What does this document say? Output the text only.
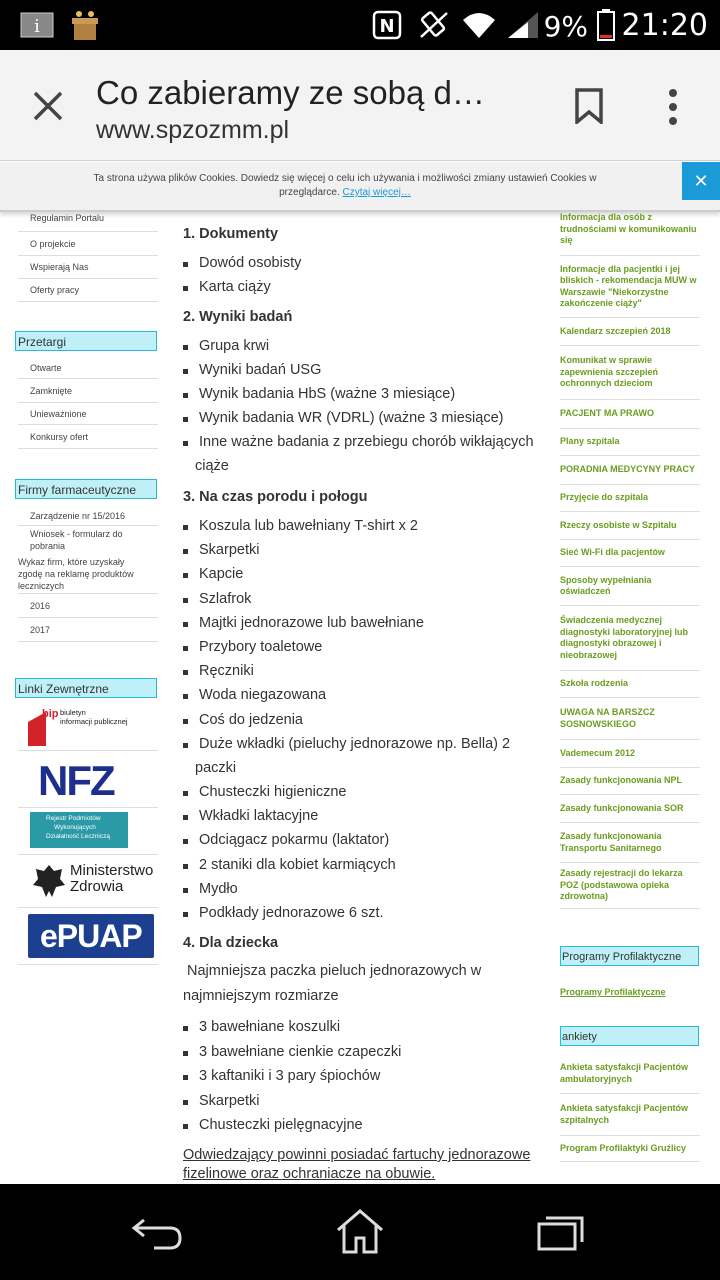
i	N	9% 21:20
Co zabieramy ze sobą d…
www.spzozmm.pl
Ta strona używa plików Cookies. Dowiedz się więcej o celu ich używania i możliwości zmiany ustawień Cookies w przeglądarce. Czytaj więcej…
✕
Regulamin Portalu
O projekcie
Wspierają Nas
Oferty pracy
Przetargi
Otwarte
Zamknięte
Unieważnione
Konkursy ofert
Firmy farmaceutyczne
Zarządzenie nr 15/2016
Wniosek - formularz do pobrania
Wykaz firm, które uzyskały zgodę na reklamę produktów leczniczych
2016
2017
Linki Zewnętrzne
bip biuletyn
informacji publicznej
NFZ
Rejestr Podmiotów
Wykonujących
Działalność Leczniczą
Ministerstwo
Zdrowia
ePUAP
1. Dokumenty
Dowód osobisty
Karta ciąży
2. Wyniki badań
Grupa krwi
Wyniki badań USG
Wynik badania HbS (ważne 3 miesiące)
Wynik badania WR (VDRL) (ważne 3 miesiące)
Inne ważne badania z przebiegu chorób wikłających
ciąże
3. Na czas porodu i połogu
Koszula lub bawełniany T-shirt x 2
Skarpetki
Kapcie
Szlafrok
Majtki jednorazowe lub bawełniane
Przybory toaletowe
Ręczniki
Woda niegazowana
Coś do jedzenia
Duże wkładki (pieluchy jednorazowe np. Bella) 2
paczki
Chusteczki higieniczne
Wkładki laktacyjne
Odciągacz pokarmu (laktator)
2 staniki dla kobiet karmiących
Mydło
Podkłady jednorazowe 6 szt.
4. Dla dziecka
Najmniejsza paczka pieluch jednorazowych w
najmniejszym rozmiarze
3 bawełniane koszulki
3 bawełniane cienkie czapeczki
3 kaftaniki i 3 pary śpiochów
Skarpetki
Chusteczki pielęgnacyjne
Odwiedzający powinni posiadać fartuchy jednorazowe
fizelinowe oraz ochraniacze na obuwie.
Informacja dla osób z trudnościami w komunikowaniu się
Informacje dla pacjentki i jej bliskich - rekomendacja MUW w Warszawie "Niekorzystne zakończenie ciąży"
Kalendarz szczepień 2018
Komunikat w sprawie zapewnienia szczepień ochronnych dzieciom
PACJENT MA PRAWO
Plany szpitala
PORADNIA MEDYCYNY PRACY
Przyjęcie do szpitala
Rzeczy osobiste w Szpitalu
Sieć Wi-Fi dla pacjentów
Sposoby wypełniania oświadczeń
Świadczenia medycznej diagnostyki laboratoryjnej lub diagnostyki obrazowej i nieobrazowej
Szkoła rodzenia
UWAGA NA BARSZCZ SOSNOWSKIEGO
Vademecum 2012
Zasady funkcjonowania NPL
Zasady funkcjonowania SOR
Zasady funkcjonowania Transportu Sanitarnego
Zasady rejestracji do lekarza POZ (podstawowa opieka zdrowotna)
Programy Profilaktyczne
Programy Profilaktyczne
ankiety
Ankieta satysfakcji Pacjentów ambulatoryjnych
Ankieta satysfakcji Pacjentów szpitalnych
Program Profilaktyki Gruźlicy
